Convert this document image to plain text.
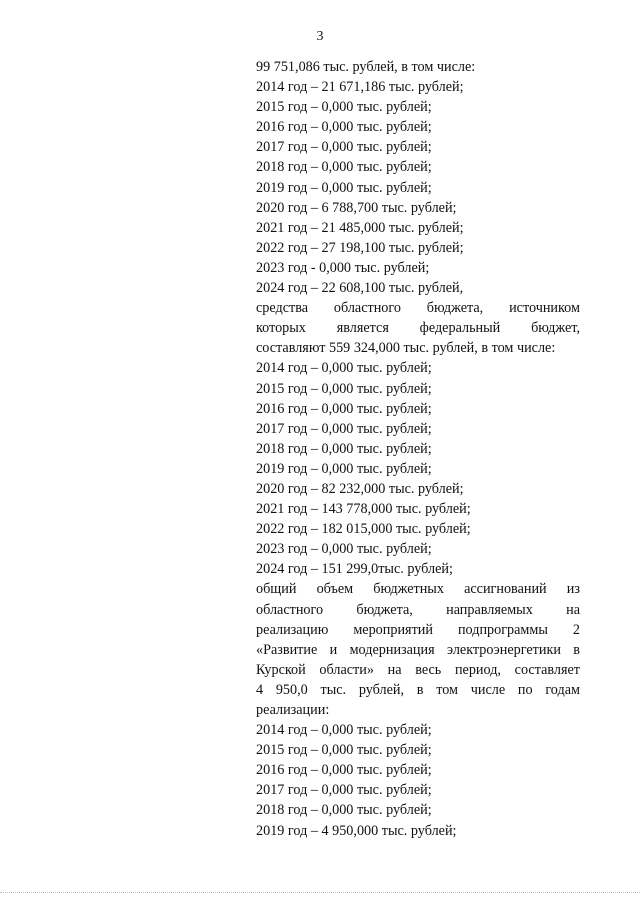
3
99 751,086 тыс. рублей, в том числе:
2014 год – 21 671,186 тыс. рублей;
2015 год – 0,000 тыс. рублей;
2016 год – 0,000 тыс. рублей;
2017 год – 0,000 тыс. рублей;
2018 год – 0,000 тыс. рублей;
2019 год – 0,000 тыс. рублей;
2020 год – 6 788,700 тыс. рублей;
2021 год – 21 485,000 тыс. рублей;
2022 год – 27 198,100 тыс. рублей;
2023 год - 0,000 тыс. рублей;
2024 год – 22 608,100 тыс. рублей,
средства областного бюджета, источником
которых является федеральный бюджет,
составляют 559 324,000 тыс. рублей, в том числе:
2014 год – 0,000 тыс. рублей;
2015 год – 0,000 тыс. рублей;
2016 год – 0,000 тыс. рублей;
2017 год – 0,000 тыс. рублей;
2018 год – 0,000 тыс. рублей;
2019 год – 0,000 тыс. рублей;
2020 год – 82 232,000 тыс. рублей;
2021 год – 143 778,000 тыс. рублей;
2022 год – 182 015,000 тыс. рублей;
2023 год – 0,000 тыс. рублей;
2024 год – 151 299,0тыс. рублей;
общий объем бюджетных ассигнований из
областного бюджета, направляемых на
реализацию мероприятий подпрограммы 2
«Развитие и модернизация электроэнергетики в
Курской области» на весь период, составляет
4 950,0 тыс. рублей, в том числе по годам
реализации:
2014 год – 0,000 тыс. рублей;
2015 год – 0,000 тыс. рублей;
2016 год – 0,000 тыс. рублей;
2017 год – 0,000 тыс. рублей;
2018 год – 0,000 тыс. рублей;
2019 год – 4 950,000 тыс. рублей;
